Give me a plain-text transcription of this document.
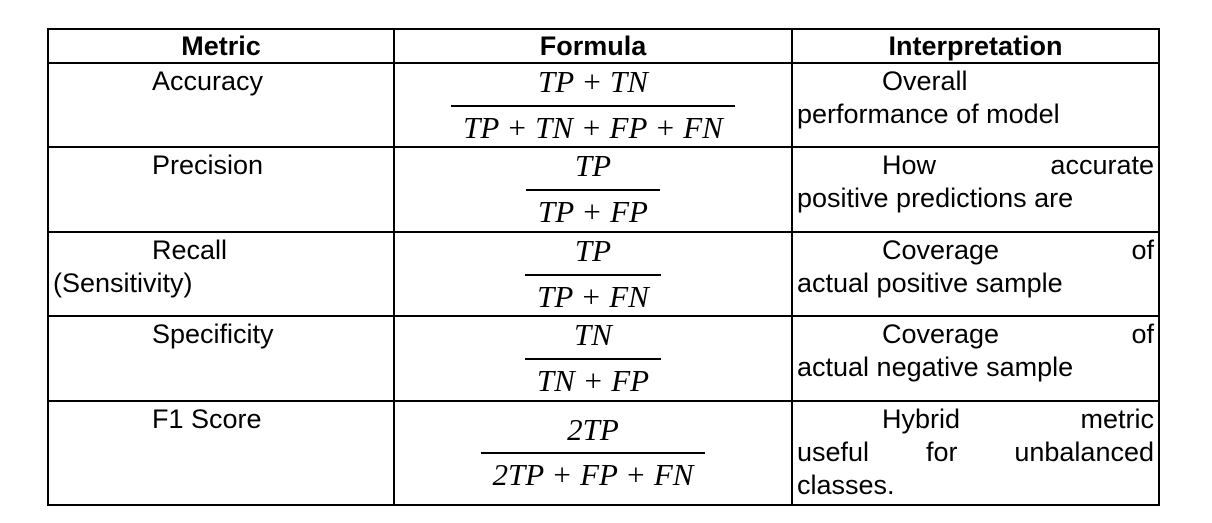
Metric	Formula	Interpretation

Accuracy	$\frac{TP + TN}{TP + TN + FP + FN}$	Overall
performance of model

Precision	$\frac{TP}{TP + FP}$	How accurate
positive predictions are

Recall
(Sensitivity)	$\frac{TP}{TP + FN}$	Coverage of
actual positive sample

Specificity	$\frac{TN}{TN + FP}$	Coverage of
actual negative sample

F1 Score	$\frac{2TP}{2TP + FP + FN}$	Hybrid metric
useful for unbalanced
classes.
